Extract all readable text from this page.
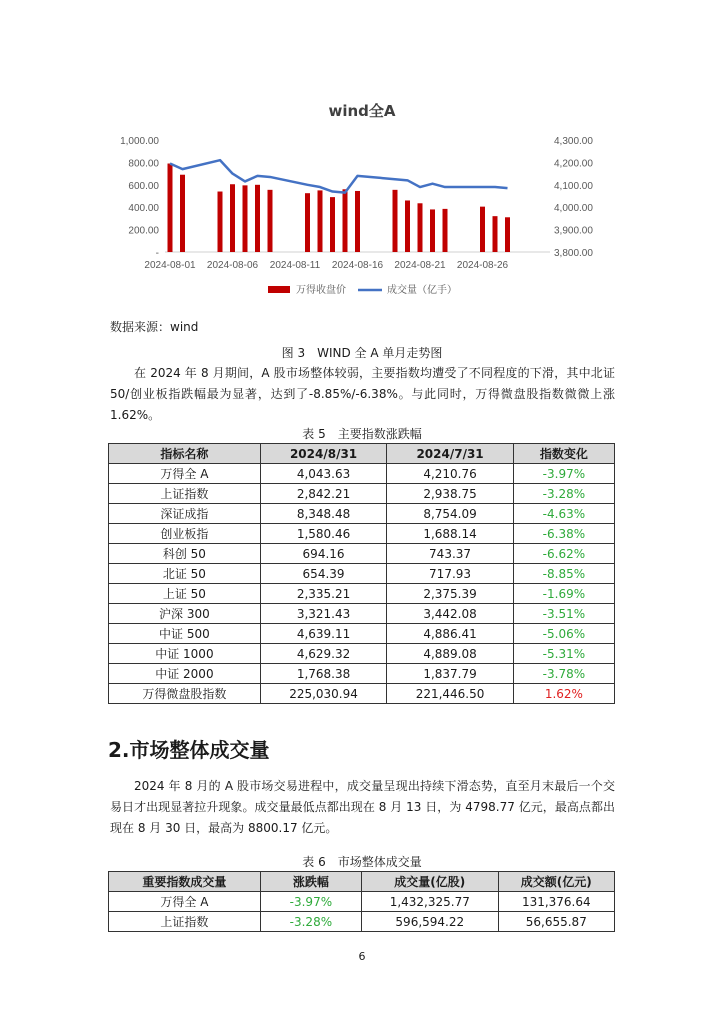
wind全A
1,000.00
800.00
600.00
400.00
200.00
-
4,300.00
4,200.00
4,100.00
4,000.00
3,900.00
3,800.00
2024-08-01 2024-08-06 2024-08-11 2024-08-16 2024-08-21 2024-08-26
万得收盘价	成交量（亿手）
数据来源：wind
图 3　WIND 全 A 单月走势图

在 2024 年 8 月期间，A 股市场整体较弱，主要指数均遭受了不同程度的下滑，其中北证 50/创业板指跌幅最为显著，达到了-8.85%/-6.38%。与此同时，万得微盘股指数微微上涨 1.62%。

表 5　主要指数涨跌幅
指标名称	2024/8/31	2024/7/31	指数变化
万得全 A	4,043.63	4,210.76	-3.97%
上证指数	2,842.21	2,938.75	-3.28%
深证成指	8,348.48	8,754.09	-4.63%
创业板指	1,580.46	1,688.14	-6.38%
科创 50	694.16	743.37	-6.62%
北证 50	654.39	717.93	-8.85%
上证 50	2,335.21	2,375.39	-1.69%
沪深 300	3,321.43	3,442.08	-3.51%
中证 500	4,639.11	4,886.41	-5.06%
中证 1000	4,629.32	4,889.08	-5.31%
中证 2000	1,768.38	1,837.79	-3.78%
万得微盘股指数	225,030.94	221,446.50	1.62%
2.市场整体成交量

2024 年 8 月的 A 股市场交易进程中，成交量呈现出持续下滑态势，直至月末最后一个交易日才出现显著拉升现象。成交量最低点都出现在 8 月 13 日，为 4798.77 亿元，最高点都出现在 8 月 30 日，最高为 8800.17 亿元。

表 6　市场整体成交量
重要指数成交量	涨跌幅	成交量(亿股)	成交额(亿元)
万得全 A	-3.97%	1,432,325.77	131,376.64
上证指数	-3.28%	596,594.22	56,655.87
6
